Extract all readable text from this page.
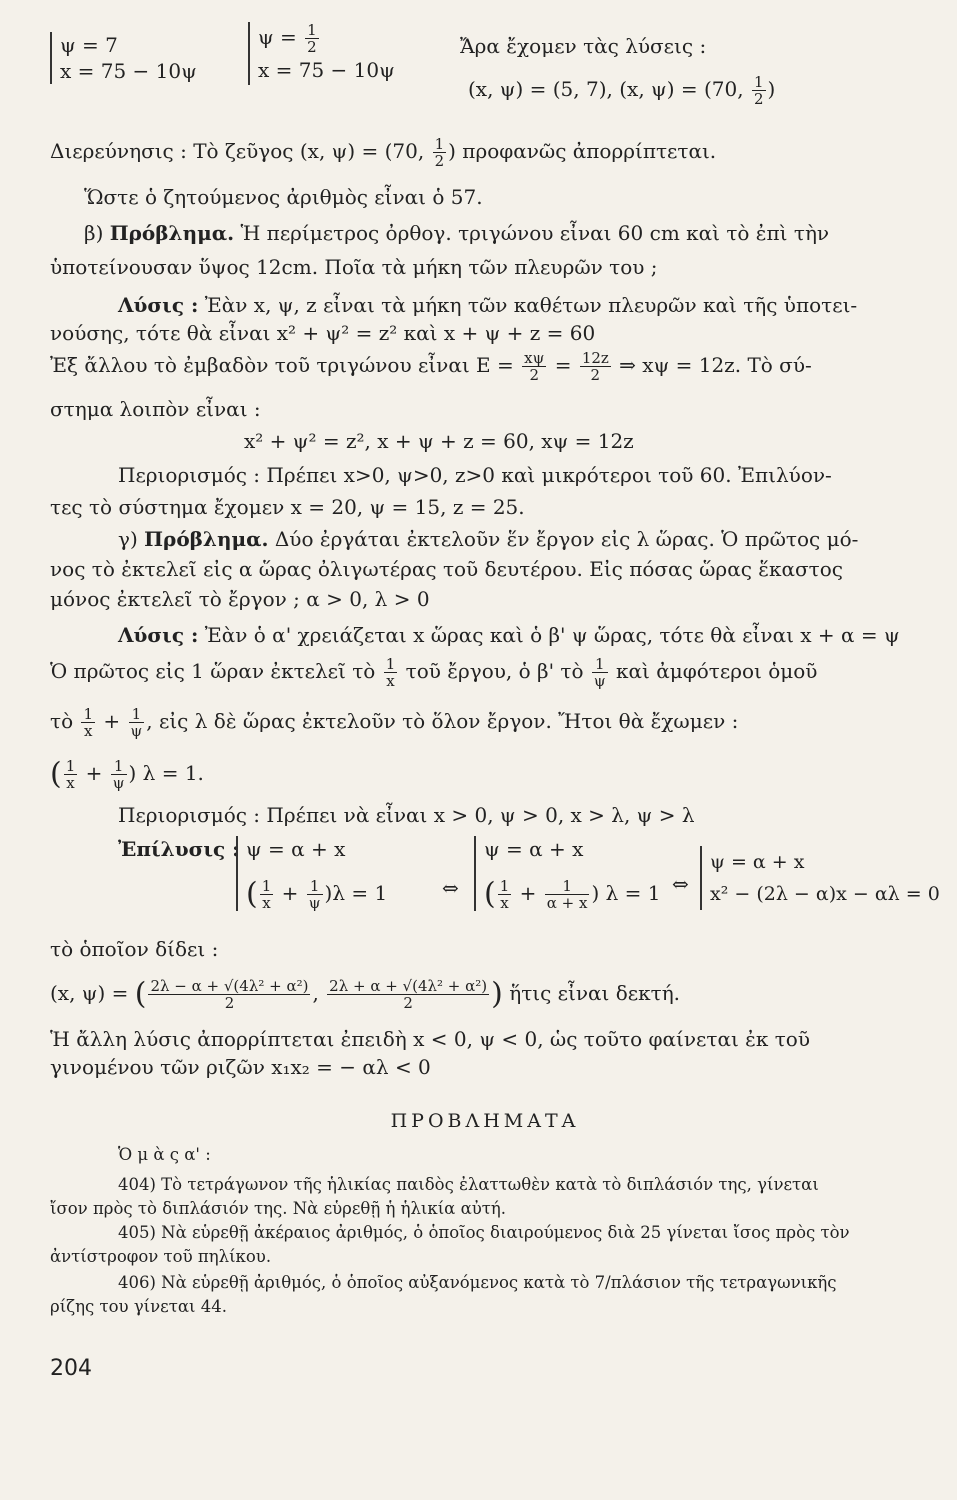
ψ = 7
x = 75 − 10ψ
$\psi = \frac{1}{2}$
x = 75 − 10ψ
Ἄρα ἔχομεν τὰς λύσεις :
(x, ψ) = (5, 7), (x, ψ) = (70, $\frac{1}{2}$ )
Διερεύνησις : Τὸ ζεῦγος (x, ψ) = (70, $\frac{1}{2}$ ) προφανῶς ἀπορρίπτεται.
Ὥστε ὁ ζητούμενος ἀριθμὸς εἶναι ὁ 57.
β) Πρόβλημα. Ἡ περίμετρος ὀρθογ. τριγώνου εἶναι 60 cm καὶ τὸ ἐπὶ τὴν
ὑποτείνουσαν ὕψος 12cm. Ποῖα τὰ μήκη τῶν πλευρῶν του ;
Λύσις : Ἐὰν x, ψ, z εἶναι τὰ μήκη τῶν καθέτων πλευρῶν καὶ τῆς ὑποτει-
νούσης, τότε θὰ εἶναι x² + ψ² = z² καὶ x + ψ + z = 60
Ἐξ ἄλλου τὸ ἐμβαδὸν τοῦ τριγώνου εἶναι $E = \frac{x\psi}{2} = \frac{12z}{2}$ ⇒ xψ = 12z. Τὸ σύ-
στημα λοιπὸν εἶναι :
x² + ψ² = z², x + ψ + z = 60, xψ = 12z
Περιορισμός : Πρέπει x>0, ψ>0, z>0 καὶ μικρότεροι τοῦ 60. Ἐπιλύον-
τες τὸ σύστημα ἔχομεν x = 20, ψ = 15, z = 25.
γ) Πρόβλημα. Δύο ἐργάται ἐκτελοῦν ἕν ἔργον εἰς λ ὥρας. Ὁ πρῶτος μό-
νος τὸ ἐκτελεῖ εἰς α ὥρας ὀλιγωτέρας τοῦ δευτέρου. Εἰς πόσας ὥρας ἕκαστος
μόνος ἐκτελεῖ τὸ ἔργον ; α > 0, λ > 0
Λύσις : Ἐὰν ὁ α' χρειάζεται x ὥρας καὶ ὁ β' ψ ὥρας, τότε θὰ εἶναι x + α = ψ
Ὁ πρῶτος εἰς 1 ὥραν ἐκτελεῖ τὸ $\frac{1}{x}$ τοῦ ἔργου, ὁ β' τὸ $\frac{1}{\psi}$ καὶ ἀμφότεροι ὁμοῦ
τὸ $\frac{1}{x} + \frac{1}{\psi}$ , εἰς λ δὲ ὥρας ἐκτελοῦν τὸ ὅλον ἔργον. Ἤτοι θὰ ἔχωμεν :
( $\frac{1}{x} + \frac{1}{\psi}$ ) λ = 1.
Περιορισμός : Πρέπει νὰ εἶναι x > 0, ψ > 0, x > λ, ψ > λ
Ἐπίλυσις : ψ = α + x
( $\frac{1}{x} + \frac{1}{\psi} )\lambda = 1$	⇔
ψ = α + x
( $\frac{1}{x} + \frac{1}{\alpha + x}$ ) λ = 1 ⇔
ψ = α + x
x² − (2λ − α)x − αλ = 0
τὸ ὁποῖον δίδει :
(x, ψ) = ( $\frac{\text{2λ − α + √(4λ² + α²)}}{2}$ , $\frac{\text{2λ + α + √(4λ² + α²)}}{2}$ ) ἥτις εἶναι δεκτή.
Ἡ ἄλλη λύσις ἀπορρίπτεται ἐπειδὴ x < 0, ψ < 0, ὡς τοῦτο φαίνεται ἐκ τοῦ
γινομένου τῶν ριζῶν x₁x₂ = − αλ < 0
ΠΡΟΒΛΗΜΑΤΑ
Ὁ μ ὰ ς α' :
404) Τὸ τετράγωνον τῆς ἡλικίας παιδὸς ἐλαττωθὲν κατὰ τὸ διπλάσιόν της, γίνεται
ἴσον πρὸς τὸ διπλάσιόν της. Νὰ εὑρεθῇ ἡ ἡλικία αὐτή.
405) Νὰ εὑρεθῇ ἀκέραιος ἀριθμός, ὁ ὁποῖος διαιρούμενος διὰ 25 γίνεται ἴσος πρὸς τὸν
ἀντίστροφον τοῦ πηλίκου.
406) Νὰ εὑρεθῇ ἀριθμός, ὁ ὁποῖος αὐξανόμενος κατὰ τὸ 7/πλάσιον τῆς τετραγωνικῆς
ρίζης του γίνεται 44.
204
